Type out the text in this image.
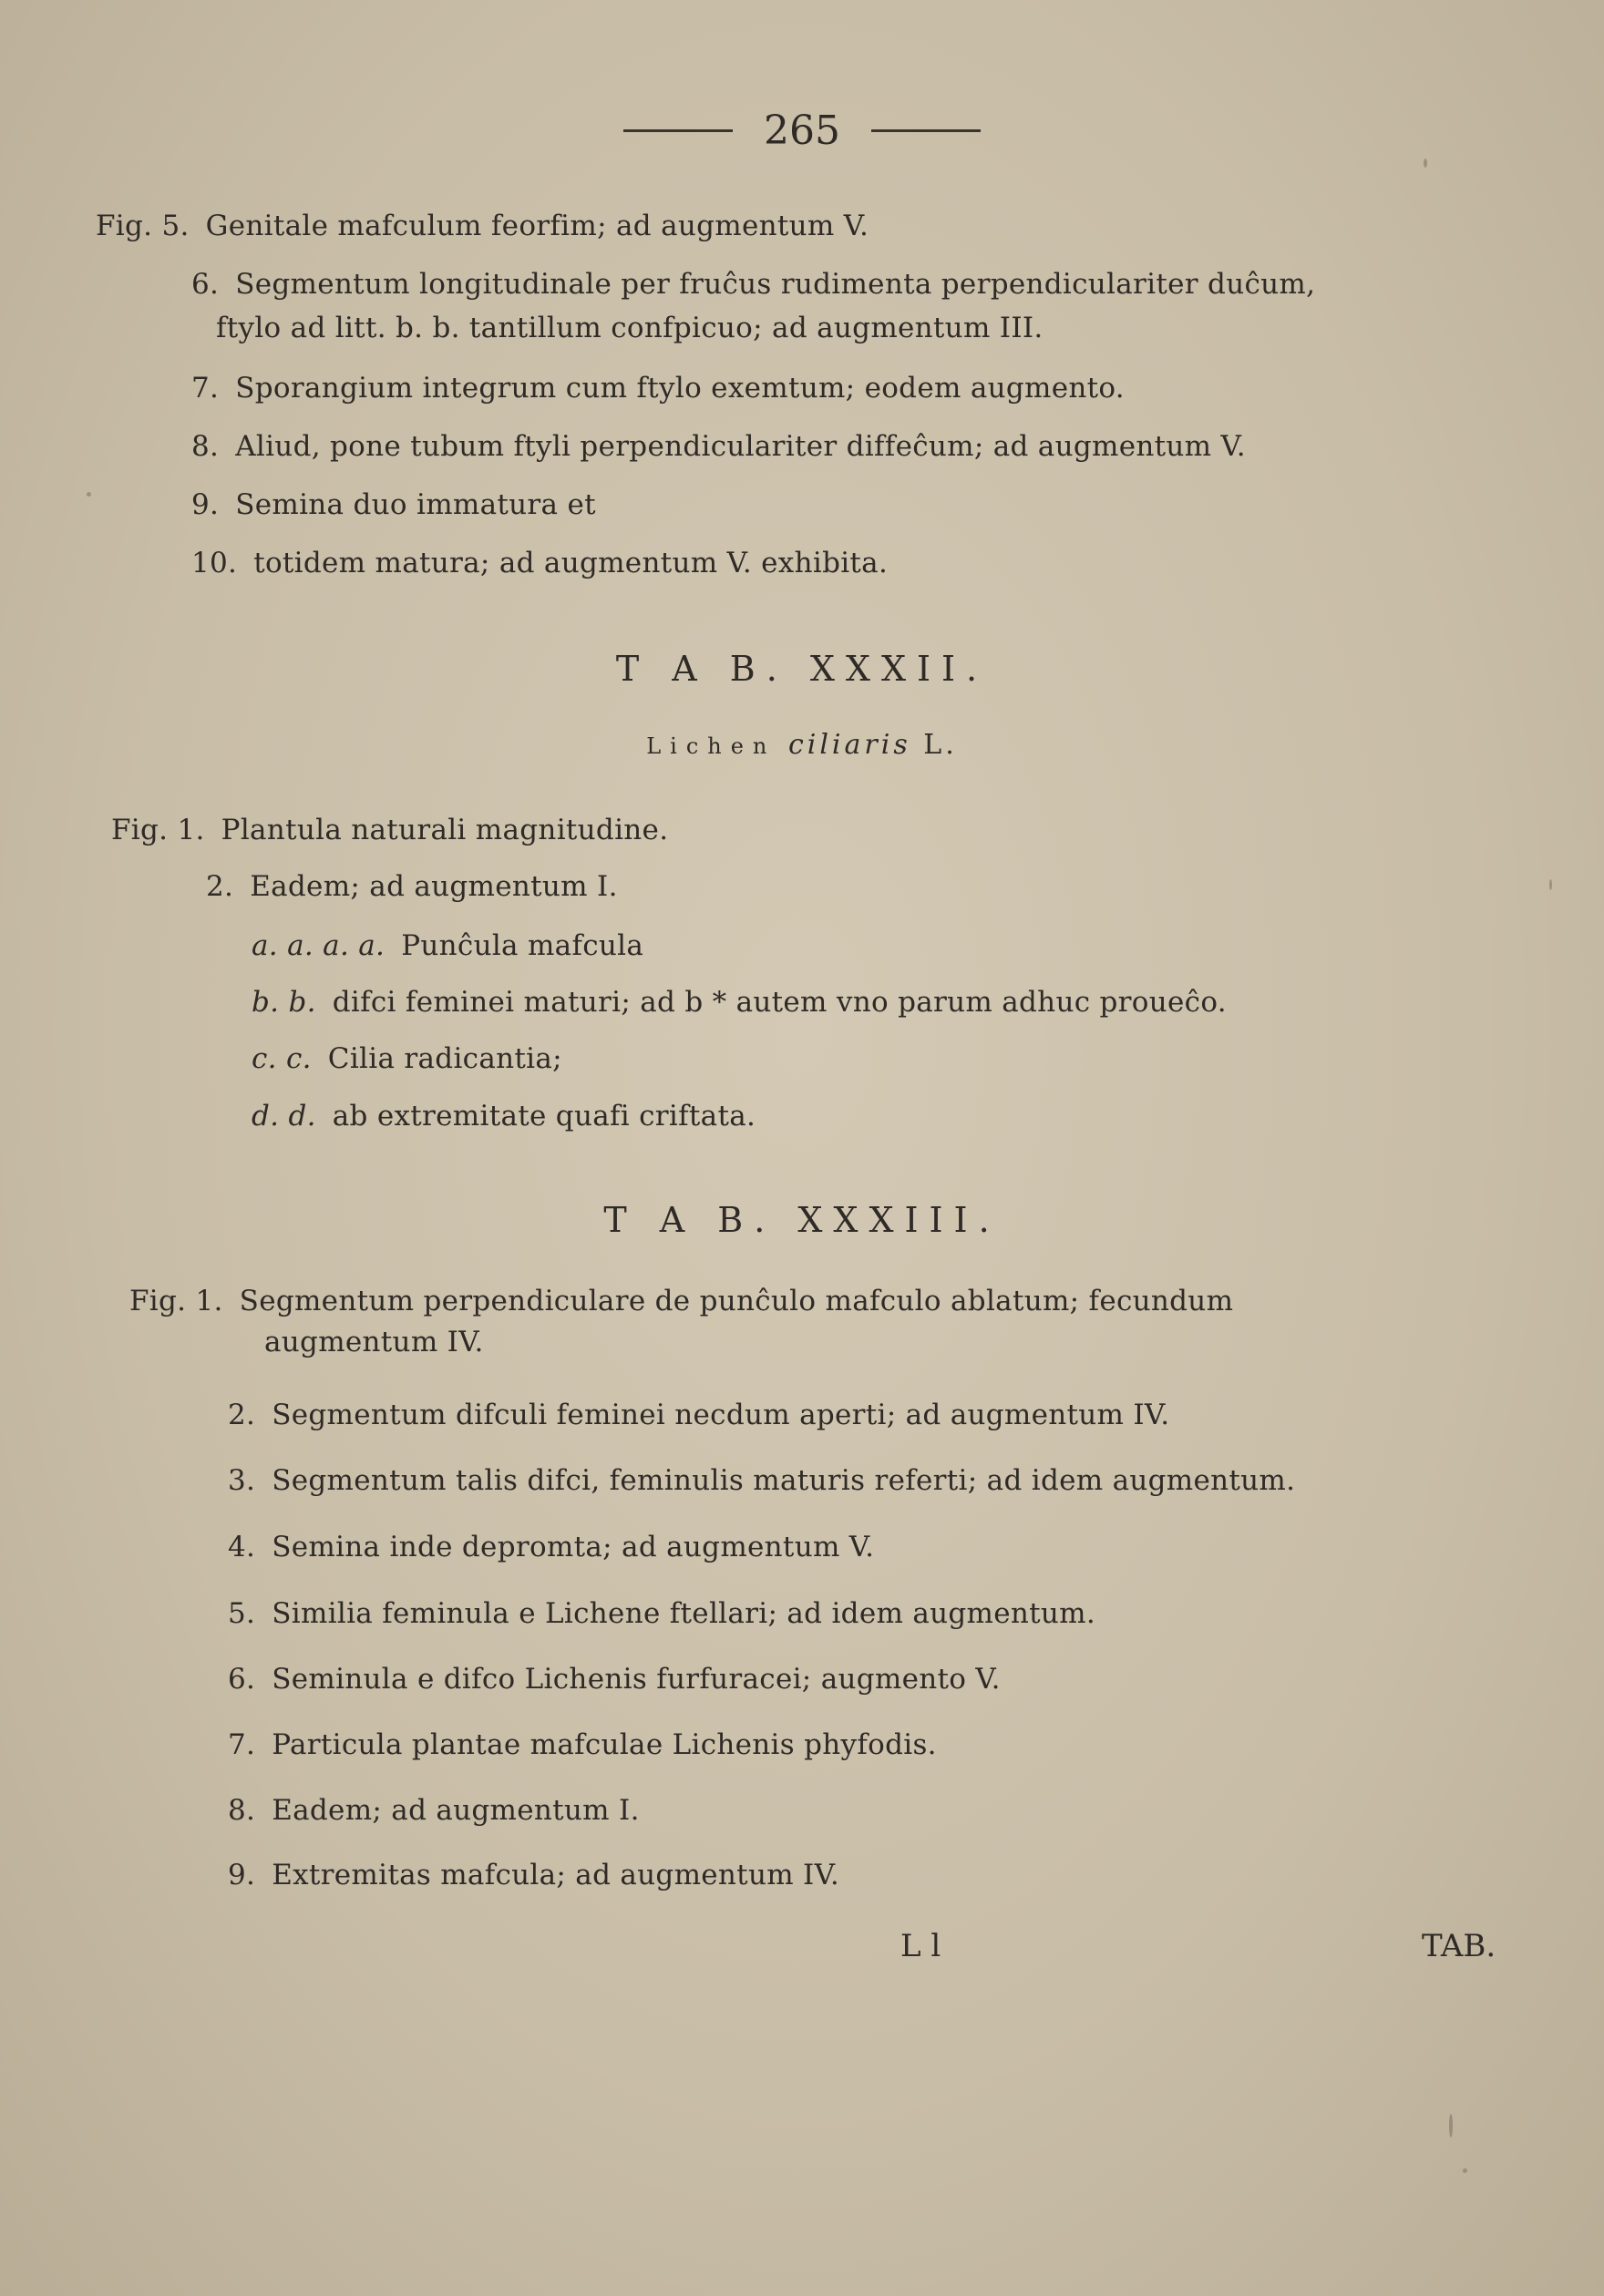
265
Fig. 5. Genitale mafculum feorfim; ad augmentum V.
6. Segmentum longitudinale per fruĉus rudimenta perpendiculariter duĉum,
ftylo ad litt. b. b. tantillum confpicuo; ad augmentum III.
7. Sporangium integrum cum ftylo exemtum; eodem augmento.
8. Aliud, pone tubum ftyli perpendiculariter diffeĉum; ad augmentum V.
9. Semina duo immatura et
10. totidem matura; ad augmentum V. exhibita.
T A B. XXXII.
Lichen ciliaris L.
Fig. 1. Plantula naturali magnitudine.
2. Eadem; ad augmentum I.
a. a. a. a. Punĉula mafcula
b. b. difci feminei maturi; ad b * autem vno parum adhuc proueĉo.
c. c. Cilia radicantia;
d. d. ab extremitate quafi criftata.
T A B. XXXIII.
Fig. 1. Segmentum perpendiculare de punĉulo mafculo ablatum; fecundum
augmentum IV.
2. Segmentum difculi feminei necdum aperti; ad augmentum IV.
3. Segmentum talis difci, feminulis maturis referti; ad idem augmentum.
4. Semina inde depromta; ad augmentum V.
5. Similia feminula e Lichene ftellari; ad idem augmentum.
6. Seminula e difco Lichenis furfuracei; augmento V.
7. Particula plantae mafculae Lichenis phyfodis.
8. Eadem; ad augmentum I.
9. Extremitas mafcula; ad augmentum IV.
L l	TAB.
